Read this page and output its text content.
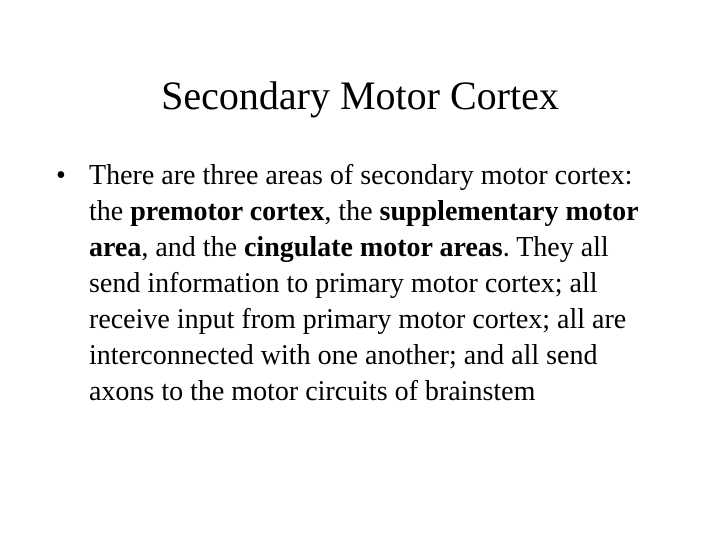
Secondary Motor Cortex
• There are three areas of secondary motor cortex: the premotor cortex, the supplementary motor area, and the cingulate motor areas. They all send information to primary motor cortex; all receive input from primary motor cortex; all are interconnected with one another; and all send axons to the motor circuits of brainstem
